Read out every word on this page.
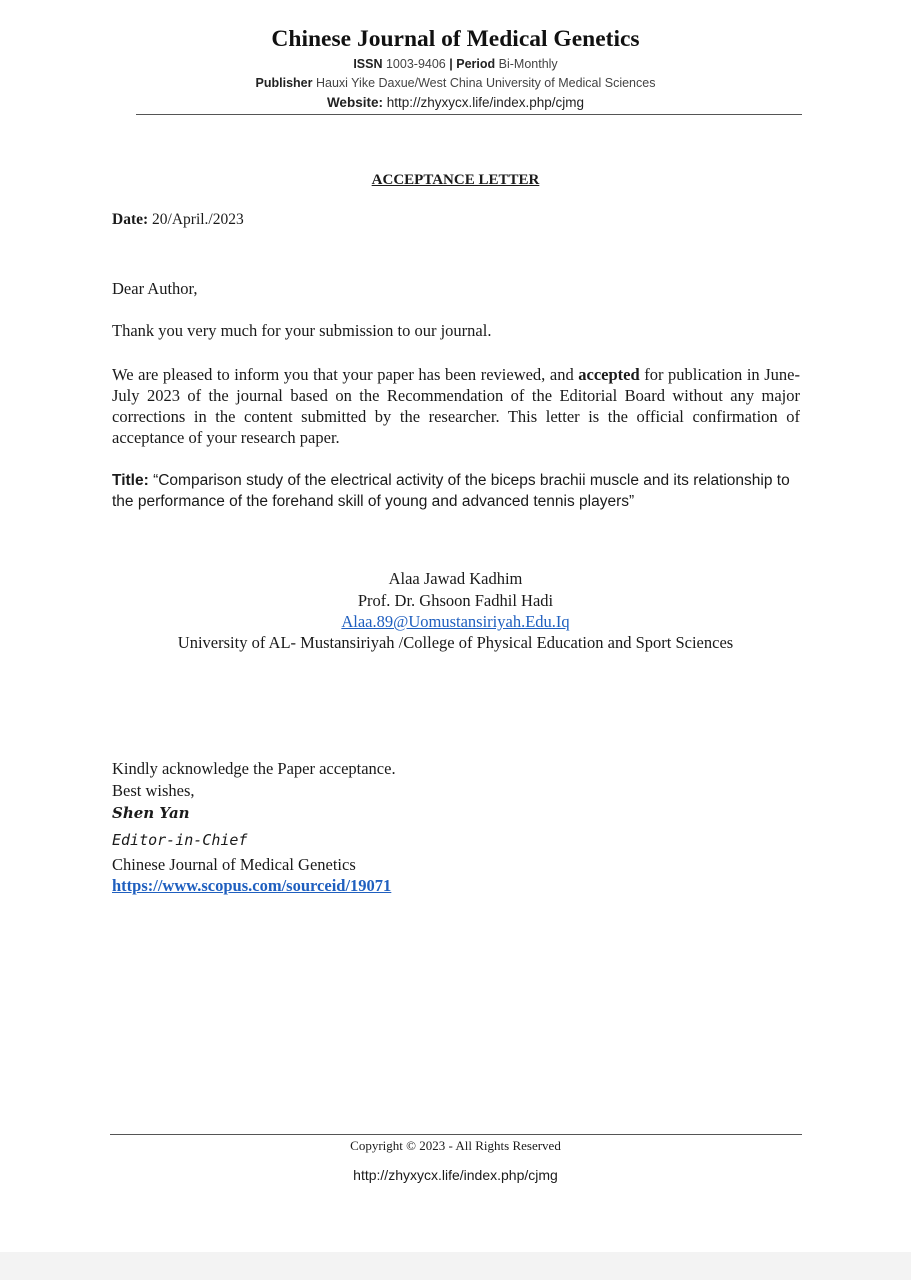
Chinese Journal of Medical Genetics
ISSN 1003-9406 | Period Bi-Monthly
Publisher Hauxi Yike Daxue/West China University of Medical Sciences
Website: http://zhyxycx.life/index.php/cjmg
ACCEPTANCE LETTER
Date: 20/April./2023
Dear Author,
Thank you very much for your submission to our journal.
We are pleased to inform you that your paper has been reviewed, and accepted for publication in June-July 2023 of the journal based on the Recommendation of the Editorial Board without any major corrections in the content submitted by the researcher. This letter is the official confirmation of acceptance of your research paper.
Title: “Comparison study of the electrical activity of the biceps brachii muscle and its relationship to the performance of the forehand skill of young and advanced tennis players”
Alaa Jawad Kadhim
Prof. Dr. Ghsoon Fadhil Hadi
Alaa.89@Uomustansiriyah.Edu.Iq
University of AL- Mustansiriyah /College of Physical Education and Sport Sciences
Kindly acknowledge the Paper acceptance.
Best wishes,
Shen Yan
Editor-in-Chief
Chinese Journal of Medical Genetics
https://www.scopus.com/sourceid/19071
Copyright © 2023 - All Rights Reserved
http://zhyxycx.life/index.php/cjmg
